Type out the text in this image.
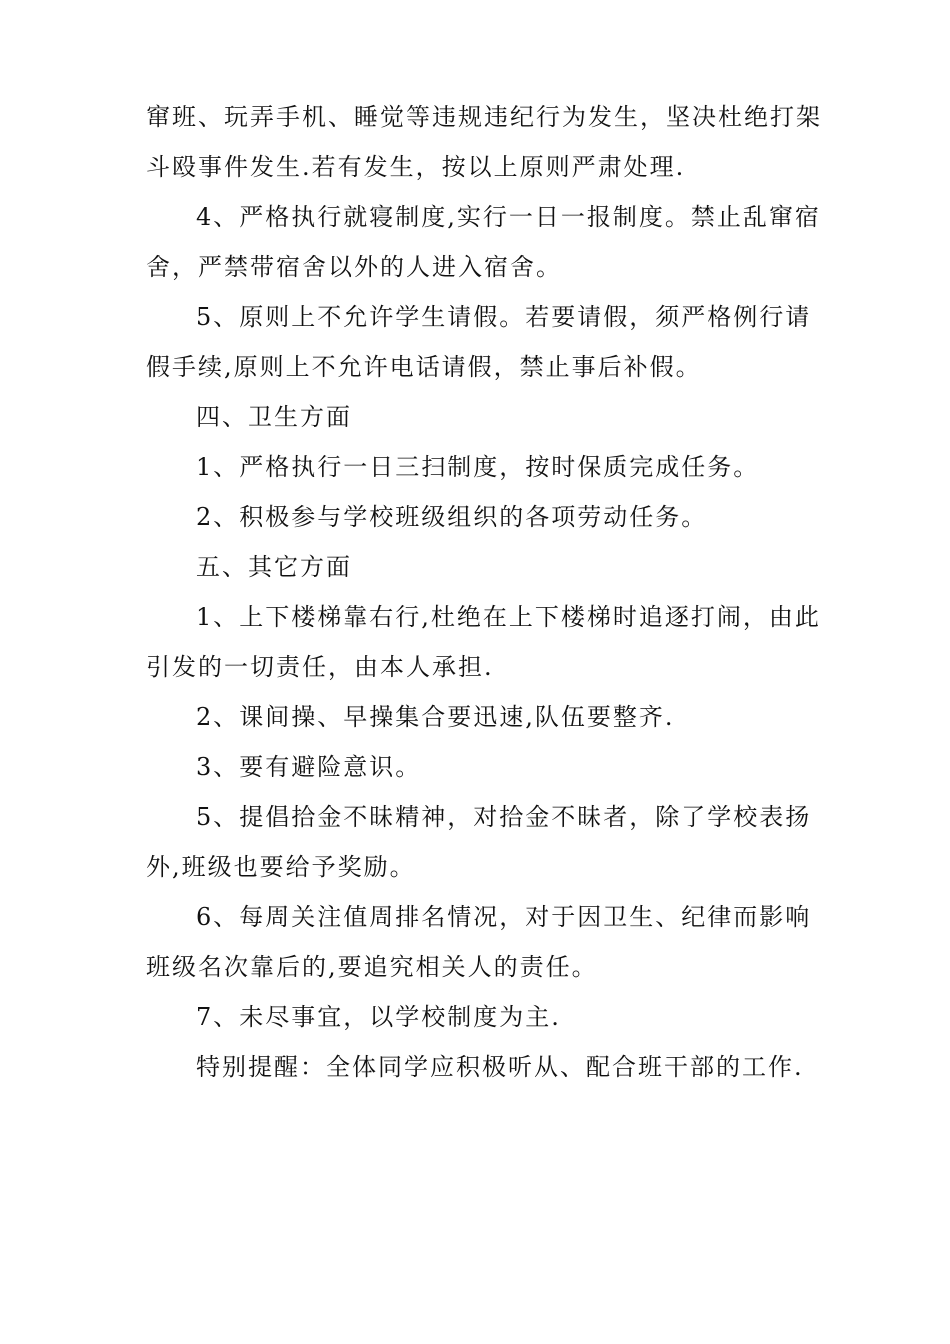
窜班、玩弄手机、睡觉等违规违纪行为发生，坚决杜绝打架
斗殴事件发生.若有发生，按以上原则严肃处理.

4、严格执行就寝制度,实行一日一报制度。禁止乱窜宿
舍，严禁带宿舍以外的人进入宿舍。

5、原则上不允许学生请假。若要请假，须严格例行请
假手续,原则上不允许电话请假，禁止事后补假。

四、卫生方面

1、严格执行一日三扫制度，按时保质完成任务。

2、积极参与学校班级组织的各项劳动任务。

五、其它方面

1、上下楼梯靠右行,杜绝在上下楼梯时追逐打闹，由此
引发的一切责任，由本人承担.

2、课间操、早操集合要迅速,队伍要整齐.

3、要有避险意识。

5、提倡拾金不昧精神，对拾金不昧者，除了学校表扬
外,班级也要给予奖励。

6、每周关注值周排名情况，对于因卫生、纪律而影响
班级名次靠后的,要追究相关人的责任。

7、未尽事宜，以学校制度为主.

特别提醒：全体同学应积极听从、配合班干部的工作.
